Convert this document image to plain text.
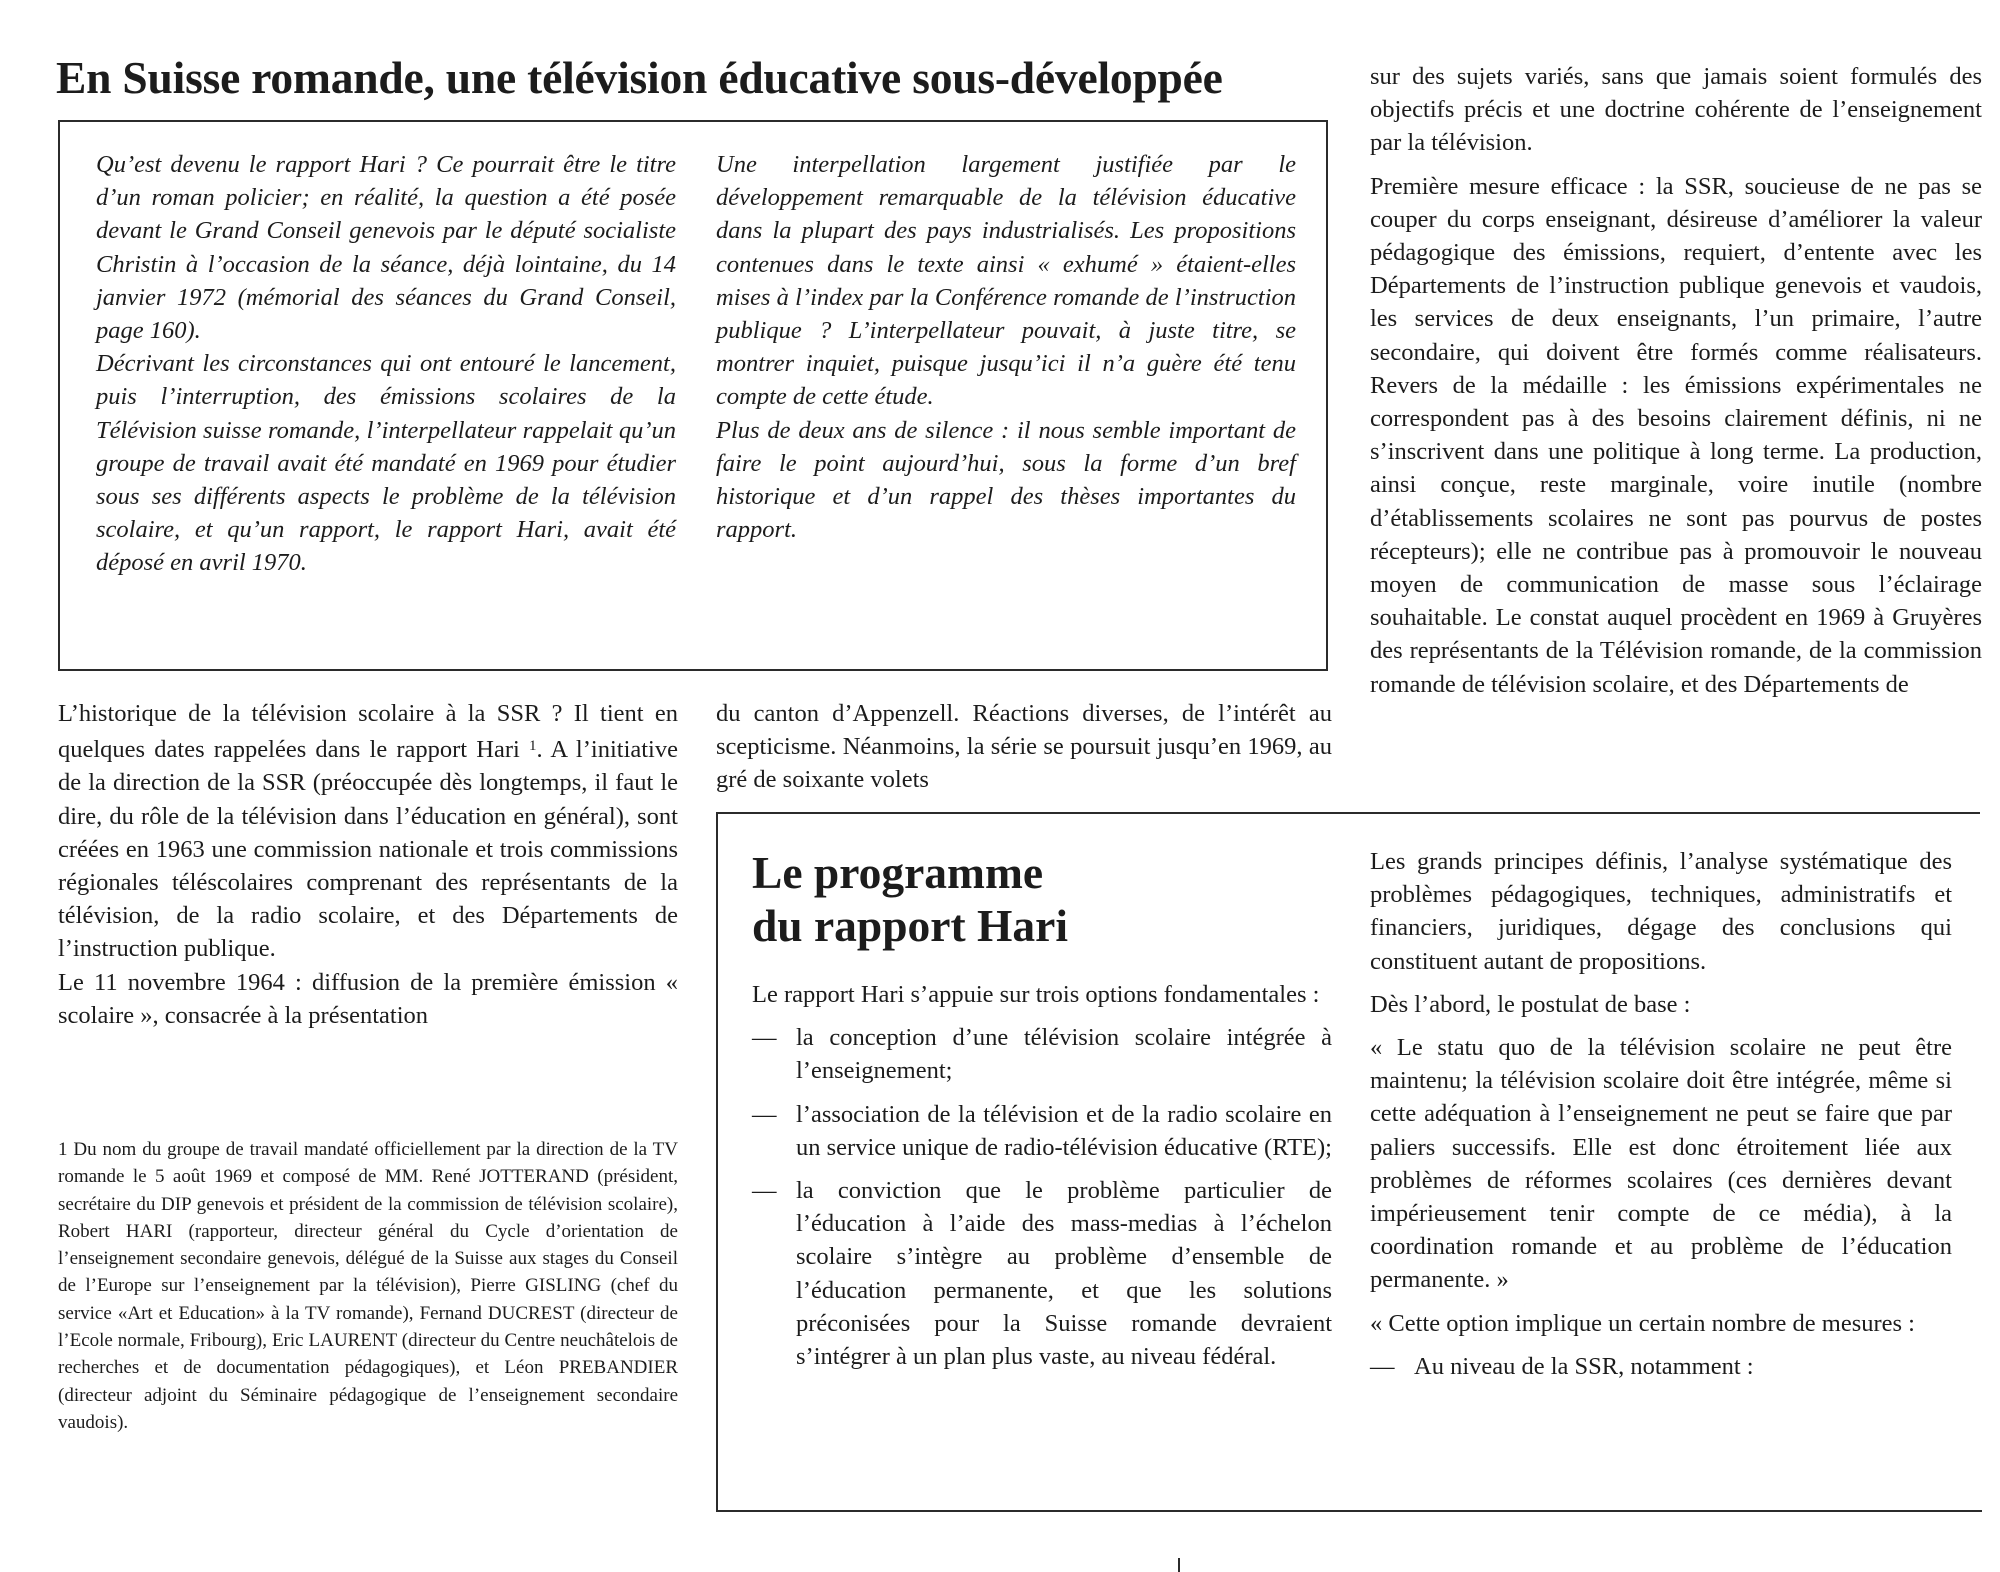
En Suisse romande, une télévision éducative sous-développée

Qu’est devenu le rapport Hari ? Ce pourrait être le titre d’un roman policier; en réalité, la question a été posée devant le Grand Conseil genevois par le député socialiste Christin à l’occasion de la séance, déjà lointaine, du 14 janvier 1972 (mémorial des séances du Grand Conseil, page 160).

Décrivant les circonstances qui ont entouré le lancement, puis l’interruption, des émissions scolaires de la Télévision suisse romande, l’interpellateur rappelait qu’un groupe de travail avait été mandaté en 1969 pour étudier sous ses différents aspects le problème de la télévision scolaire, et qu’un rapport, le rapport Hari, avait été déposé en avril 1970.

Une interpellation largement justifiée par le développement remarquable de la télévision éducative dans la plupart des pays industrialisés. Les propositions contenues dans le texte ainsi « exhumé » étaient-elles mises à l’index par la Conférence romande de l’instruction publique ? L’interpellateur pouvait, à juste titre, se montrer inquiet, puisque jusqu’ici il n’a guère été tenu compte de cette étude.

Plus de deux ans de silence : il nous semble important de faire le point aujourd’hui, sous la forme d’un bref historique et d’un rappel des thèses importantes du rapport.

L’historique de la télévision scolaire à la SSR ? Il tient en quelques dates rappelées dans le rapport Hari $^1$. A l’initiative de la direction de la SSR (préoccupée dès longtemps, il faut le dire, du rôle de la télévision dans l’éducation en général), sont créées en 1963 une commission nationale et trois commissions régionales téléscolaires comprenant des représentants de la télévision, de la radio scolaire, et des Départements de l’instruction publique.

Le 11 novembre 1964 : diffusion de la première émission « scolaire », consacrée à la présentation

1 Du nom du groupe de travail mandaté officiellement par la direction de la TV romande le 5 août 1969 et composé de MM. René JOTTERAND (président, secrétaire du DIP genevois et président de la commission de télévision scolaire), Robert HARI (rapporteur, directeur général du Cycle d’orientation de l’enseignement secondaire genevois, délégué de la Suisse aux stages du Conseil de l’Europe sur l’enseignement par la télévision), Pierre GISLING (chef du service «Art et Education» à la TV romande), Fernand DUCREST (directeur de l’Ecole normale, Fribourg), Eric LAURENT (directeur du Centre neuchâtelois de recherches et de documentation pédagogiques), et Léon PREBANDIER (directeur adjoint du Séminaire pédagogique de l’enseignement secondaire vaudois).

du canton d’Appenzell. Réactions diverses, de l’intérêt au scepticisme. Néanmoins, la série se poursuit jusqu’en 1969, au gré de soixante volets

sur des sujets variés, sans que jamais soient formulés des objectifs précis et une doctrine cohérente de l’enseignement par la télévision.

Première mesure efficace : la SSR, soucieuse de ne pas se couper du corps enseignant, désireuse d’améliorer la valeur pédagogique des émissions, requiert, d’entente avec les Départements de l’instruction publique genevois et vaudois, les services de deux enseignants, l’un primaire, l’autre secondaire, qui doivent être formés comme réalisateurs. Revers de la médaille : les émissions expérimentales ne correspondent pas à des besoins clairement définis, ni ne s’inscrivent dans une politique à long terme. La production, ainsi conçue, reste marginale, voire inutile (nombre d’établissements scolaires ne sont pas pourvus de postes récepteurs); elle ne contribue pas à promouvoir le nouveau moyen de communication de masse sous l’éclairage souhaitable. Le constat auquel procèdent en 1969 à Gruyères des représentants de la Télévision romande, de la commission romande de télévision scolaire, et des Départements de

Le programme
du rapport Hari

Le rapport Hari s’appuie sur trois options fondamentales :

— la conception d’une télévision scolaire intégrée à l’enseignement;
— l’association de la télévision et de la radio scolaire en un service unique de radio-télévision éducative (RTE);
— la conviction que le problème particulier de l’éducation à l’aide des mass-medias à l’échelon scolaire s’intègre au problème d’ensemble de l’éducation permanente, et que les solutions préconisées pour la Suisse romande devraient s’intégrer à un plan plus vaste, au niveau fédéral.

Les grands principes définis, l’analyse systématique des problèmes pédagogiques, techniques, administratifs et financiers, juridiques, dégage des conclusions qui constituent autant de propositions.

Dès l’abord, le postulat de base :

« Le statu quo de la télévision scolaire ne peut être maintenu; la télévision scolaire doit être intégrée, même si cette adéquation à l’enseignement ne peut se faire que par paliers successifs. Elle est donc étroitement liée aux problèmes de réformes scolaires (ces dernières devant impérieusement tenir compte de ce média), à la coordination romande et au problème de l’éducation permanente. »

« Cette option implique un certain nombre de mesures :

— Au niveau de la SSR, notamment :
